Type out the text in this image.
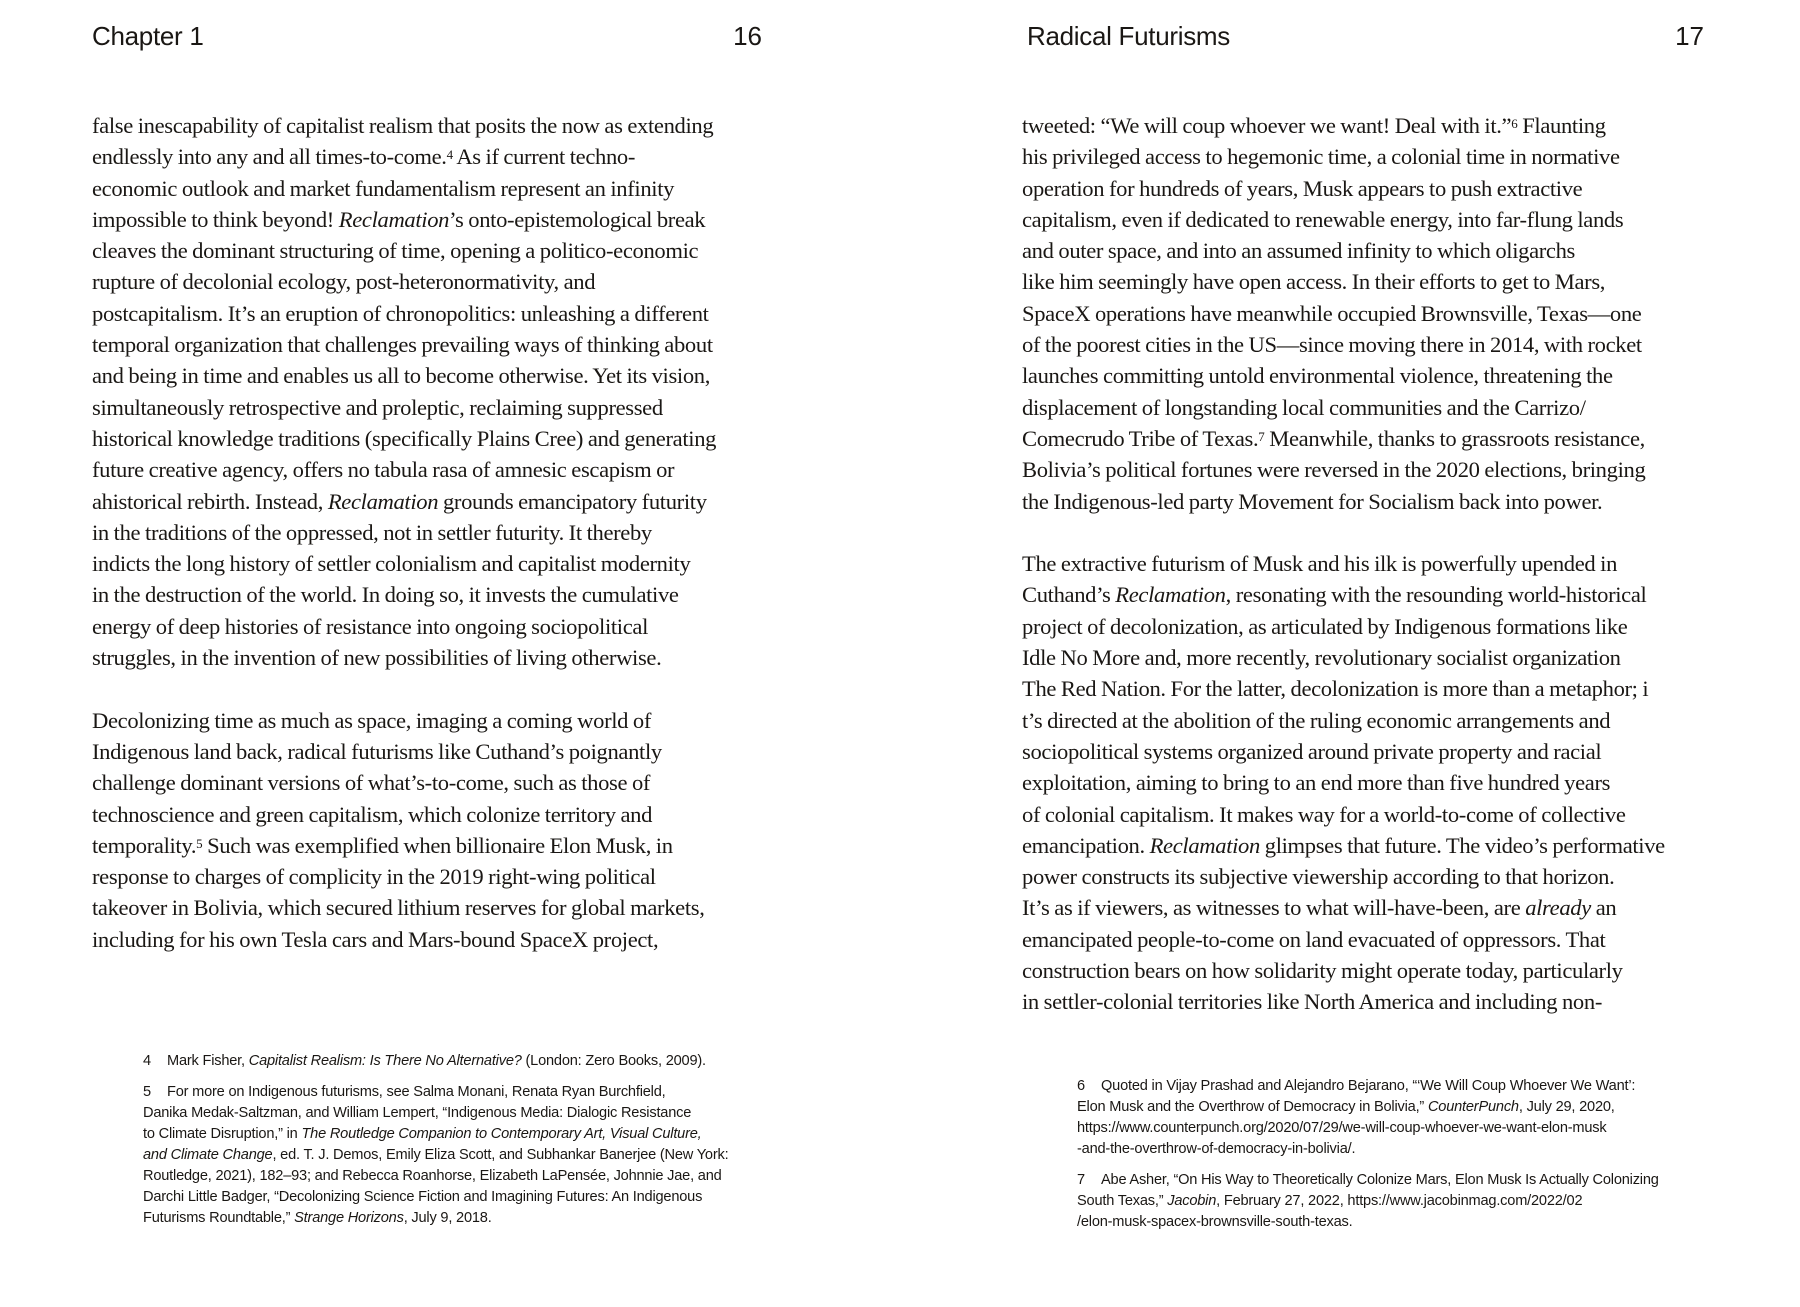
Chapter 1	16
false inescapability of capitalist realism that posits the now as extending
endlessly into any and all times-to-come.$^4$ As if current techno-
economic outlook and market fundamentalism represent an infinity
impossible to think beyond! Reclamation’s onto-epistemological break
cleaves the dominant structuring of time, opening a politico-economic
rupture of decolonial ecology, post-heteronormativity, and
postcapitalism. It’s an eruption of chronopolitics: unleashing a different
temporal organization that challenges prevailing ways of thinking about
and being in time and enables us all to become otherwise. Yet its vision,
simultaneously retrospective and proleptic, reclaiming suppressed
historical knowledge traditions (specifically Plains Cree) and generating
future creative agency, offers no tabula rasa of amnesic escapism or
ahistorical rebirth. Instead, Reclamation grounds emancipatory futurity
in the traditions of the oppressed, not in settler futurity. It thereby
indicts the long history of settler colonialism and capitalist modernity
in the destruction of the world. In doing so, it invests the cumulative
energy of deep histories of resistance into ongoing sociopolitical
struggles, in the invention of new possibilities of living otherwise.
Decolonizing time as much as space, imaging a coming world of
Indigenous land back, radical futurisms like Cuthand’s poignantly
challenge dominant versions of what’s-to-come, such as those of
technoscience and green capitalism, which colonize territory and
temporality.$^5$ Such was exemplified when billionaire Elon Musk, in
response to charges of complicity in the 2019 right-wing political
takeover in Bolivia, which secured lithium reserves for global markets,
including for his own Tesla cars and Mars-bound SpaceX project,
4 Mark Fisher, Capitalist Realism: Is There No Alternative? (London: Zero Books, 2009).
5 For more on Indigenous futurisms, see Salma Monani, Renata Ryan Burchfield,
Danika Medak-Saltzman, and William Lempert, “Indigenous Media: Dialogic Resistance
to Climate Disruption,” in The Routledge Companion to Contemporary Art, Visual Culture,
and Climate Change, ed. T. J. Demos, Emily Eliza Scott, and Subhankar Banerjee (New York:
Routledge, 2021), 182–93; and Rebecca Roanhorse, Elizabeth LaPensée, Johnnie Jae, and
Darchi Little Badger, “Decolonizing Science Fiction and Imagining Futures: An Indigenous
Futurisms Roundtable,” Strange Horizons, July 9, 2018.
Radical Futurisms	17
tweeted: “We will coup whoever we want! Deal with it.”$^6$ Flaunting
his privileged access to hegemonic time, a colonial time in normative
operation for hundreds of years, Musk appears to push extractive
capitalism, even if dedicated to renewable energy, into far-flung lands
and outer space, and into an assumed infinity to which oligarchs
like him seemingly have open access. In their efforts to get to Mars,
SpaceX operations have meanwhile occupied Brownsville, Texas—one
of the poorest cities in the US—since moving there in 2014, with rocket
launches committing untold environmental violence, threatening the
displacement of longstanding local communities and the Carrizo/
Comecrudo Tribe of Texas.$^7$ Meanwhile, thanks to grassroots resistance,
Bolivia’s political fortunes were reversed in the 2020 elections, bringing
the Indigenous-led party Movement for Socialism back into power.
The extractive futurism of Musk and his ilk is powerfully upended in
Cuthand’s Reclamation, resonating with the resounding world-historical
project of decolonization, as articulated by Indigenous formations like
Idle No More and, more recently, revolutionary socialist organization
The Red Nation. For the latter, decolonization is more than a metaphor; i
t’s directed at the abolition of the ruling economic arrangements and
sociopolitical systems organized around private property and racial
exploitation, aiming to bring to an end more than five hundred years
of colonial capitalism. It makes way for a world-to-come of collective
emancipation. Reclamation glimpses that future. The video’s performative
power constructs its subjective viewership according to that horizon.
It’s as if viewers, as witnesses to what will-have-been, are already an
emancipated people-to-come on land evacuated of oppressors. That
construction bears on how solidarity might operate today, particularly
in settler-colonial territories like North America and including non-
6 Quoted in Vijay Prashad and Alejandro Bejarano, “‘We Will Coup Whoever We Want’:
Elon Musk and the Overthrow of Democracy in Bolivia,” CounterPunch, July 29, 2020,
https://www.counterpunch.org/2020/07/29/we-will-coup-whoever-we-want-elon-musk
-and-the-overthrow-of-democracy-in-bolivia/.
7 Abe Asher, “On His Way to Theoretically Colonize Mars, Elon Musk Is Actually Colonizing
South Texas,” Jacobin, February 27, 2022, https://www.jacobinmag.com/2022/02
/elon-musk-spacex-brownsville-south-texas.
